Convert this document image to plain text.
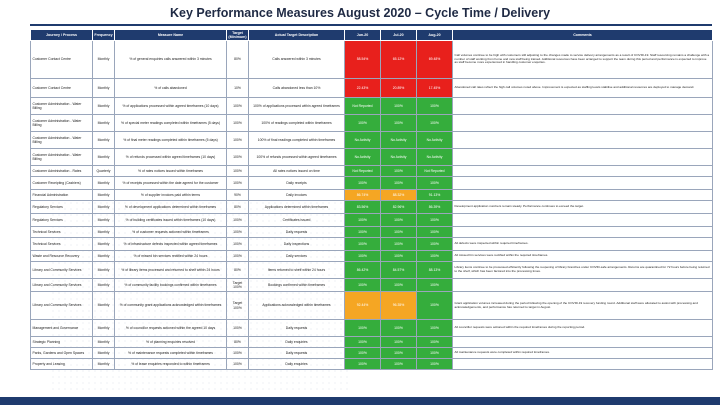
Key Performance Measures August 2020 – Cycle Time / Delivery
Journey / Process	Frequency	Measure Name	Target (Minimum)	Actual Target Description	Jun-20	Jul-20	Aug-20	Comments
Customer Contact Centre	Monthly	% of general enquiries calls answered within 3 minutes	80%	Calls answered within 3 minutes	58.54%	65.12%	69.48%	Call volumes continue to be high with customers still adjusting to the changes made to service delivery arrangements as a result of COVID-19. Staff resourcing remains a challenge with a number of staff working from home and new staff being trained. Additional resources have been arranged to support the team during this period and performance is expected to improve as staff become more experienced in handling customer enquiries.
Customer Contact Centre	Monthly	% of calls abandoned	10%	Calls abandoned less than 10%	22.43%	20.89%	17.45%	Abandoned call rates reflect the high call volumes noted above. Improvement is expected as staffing levels stabilise and additional resources are deployed to manage demand.
Customer Administration - Water Billing	Monthly	% of applications processed within agreed timeframes (10 days)	100%	100% of applications processed within agreed timeframes	Not Reported	100%	100%	
Customer Administration - Water Billing	Monthly	% of special meter readings completed within timeframes (5 days)	100%	100% of readings completed within timeframes	100%	100%	100%	
Customer Administration - Water Billing	Monthly	% of final meter readings completed within timeframes (5 days)	100%	100% of final readings completed within timeframes	No Activity	No Activity	No Activity	
Customer Administration - Water Billing	Monthly	% of refunds processed within agreed timeframes (10 days)	100%	100% of refunds processed within agreed timeframes	No Activity	No Activity	No Activity	
Customer Administration - Rates	Quarterly	% of rates notices issued within timeframes	100%	All rates notices issued on time	Not Reported	100%	Not Reported	
Customer Receipting (Cashiers)	Monthly	% of receipts processed within the date agreed for the customer	100%	Daily receipts	100%	100%	100%	
Financial Administration	Monthly	% of supplier invoices paid within terms	90%	Daily invoices	86.74%	88.32%	91.13%	
Regulatory Services	Monthly	% of development applications determined within timeframes	80%	Applications determined within timeframes	83.56%	82.96%	86.39%	Development application numbers remain steady. Performance continues to exceed the target.
Regulatory Services	Monthly	% of building certificates issued within timeframes (10 days)	100%	Certificates issued	100%	100%	100%	
Technical Services	Monthly	% of customer requests actioned within timeframes	100%	Daily requests	100%	100%	100%	
Technical Services	Monthly	% of infrastructure defects inspected within agreed timeframes	100%	Daily inspections	100%	100%	100%	All defects were inspected within required timeframes.
Waste and Resource Recovery	Monthly	% of missed bin services rectified within 24 hours	100%	Daily services	100%	100%	100%	All missed bin services were rectified within the required timeframes.
Library and Community Services	Monthly	% of library items processed and returned to shelf within 24 hours	80%	Items returned to shelf within 24 hours	86.42%	84.57%	88.13%	Library items continue to be processed efficiently following the reopening of library branches under COVID-safe arrangements. Returns are quarantined for 72 hours before being returned to the shelf, which has been factored into the processing times.
Library and Community Services	Monthly	% of community facility bookings confirmed within timeframes	Target 100%	Bookings confirmed within timeframes	100%	100%	100%	
Library and Community Services	Monthly	% of community grant applications acknowledged within timeframes	Target 100%	Applications acknowledged within timeframes	92.44%	96.35%	100%	Grant application volumes increased during the period following the opening of the COVID-19 recovery funding round. Additional staff were allocated to assist with processing and acknowledgements, and performance has returned to target in August.
Management and Governance	Monthly	% of councillor requests actioned within the agreed 10 days	100%	Daily requests	100%	100%	100%	All councillor requests were actioned within the required timeframes during the reporting period.
Strategic Planning	Monthly	% of planning enquiries resolved	80%	Daily enquiries	100%	100%	100%	
Parks, Gardens and Open Spaces	Monthly	% of maintenance requests completed within timeframes	100%	Daily requests	100%	100%	100%	All maintenance requests were completed within required timeframes.
Property and Leasing	Monthly	% of lease enquiries responded to within timeframes	100%	Daily enquiries	100%	100%	100%	
